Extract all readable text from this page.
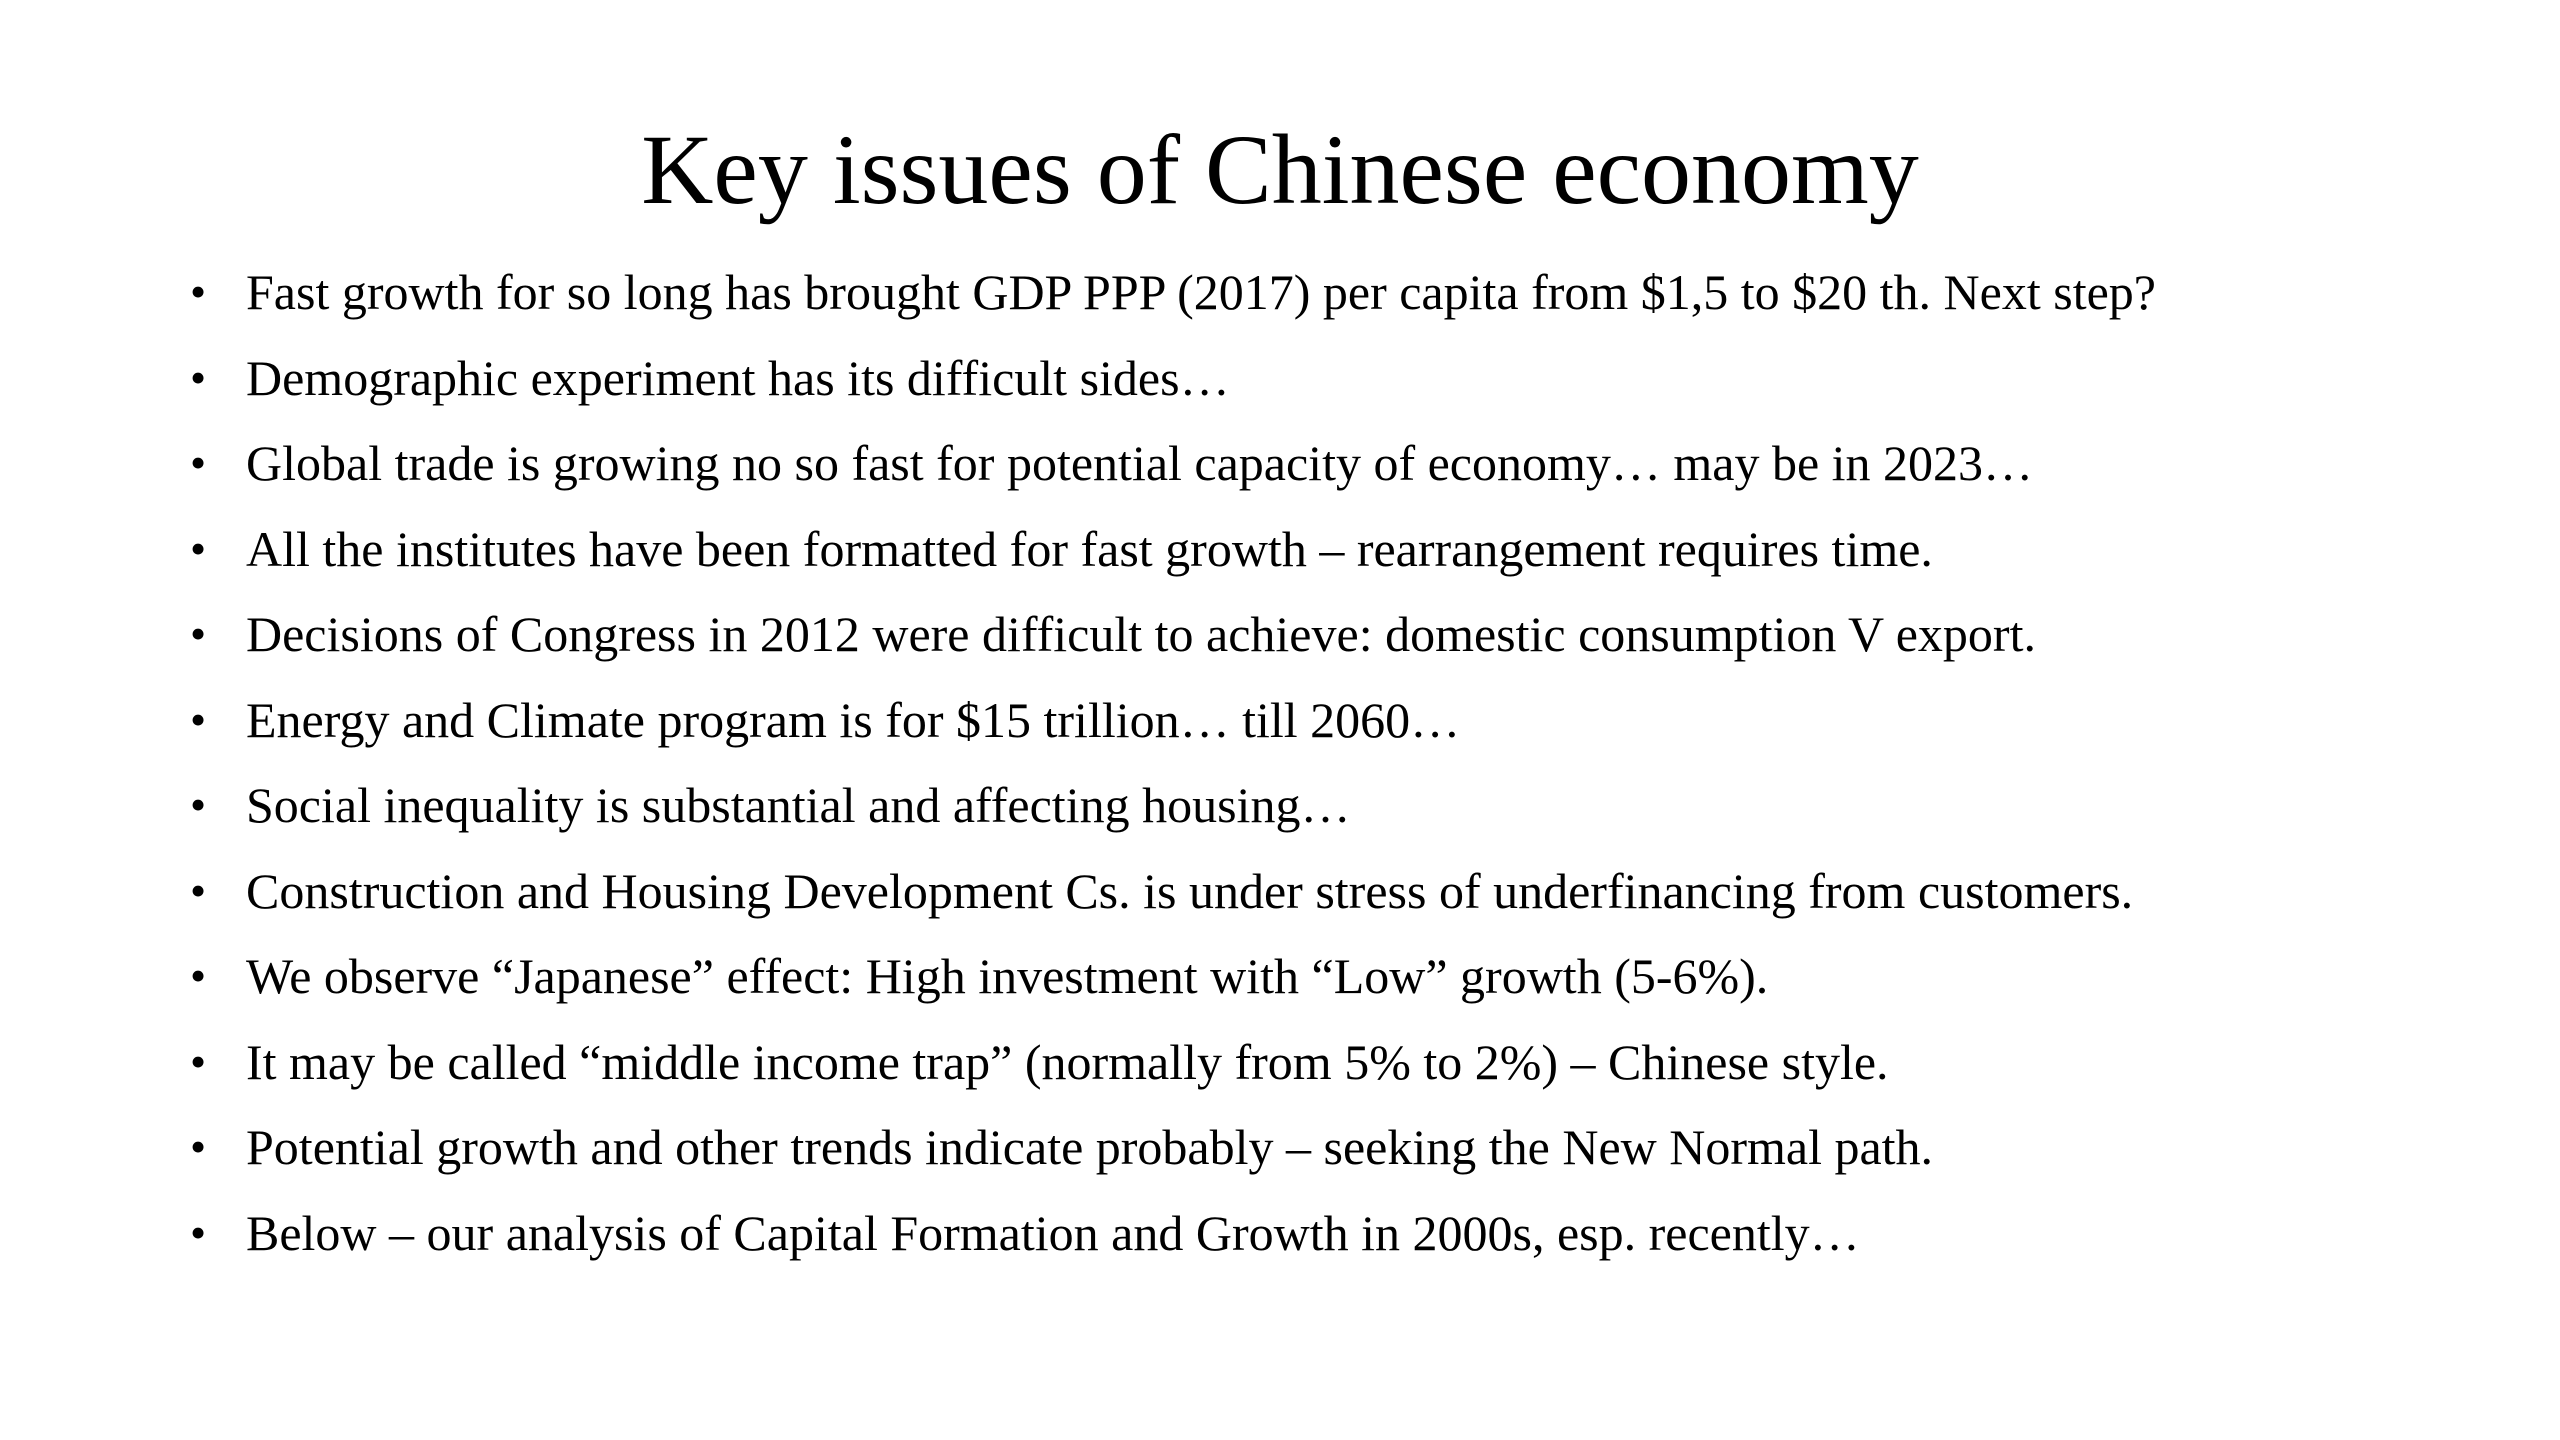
Key issues of Chinese economy
• Fast growth for so long has brought GDP PPP (2017) per capita from $1,5 to $20 th. Next step?
• Demographic experiment has its difficult sides…
• Global trade is growing no so fast for potential capacity of economy… may be in 2023…
• All the institutes have been formatted for fast growth – rearrangement requires time.
• Decisions of Congress in 2012 were difficult to achieve: domestic consumption V export.
• Energy and Climate program is for $15 trillion… till 2060…
• Social inequality is substantial and affecting housing…
• Construction and Housing Development Cs. is under stress of underfinancing from customers.
• We observe “Japanese” effect: High investment with “Low” growth (5-6%).
• It may be called “middle income trap” (normally from 5% to 2%) – Chinese style.
• Potential growth and other trends indicate probably – seeking the New Normal path.
• Below – our analysis of Capital Formation and Growth in 2000s, esp. recently…
